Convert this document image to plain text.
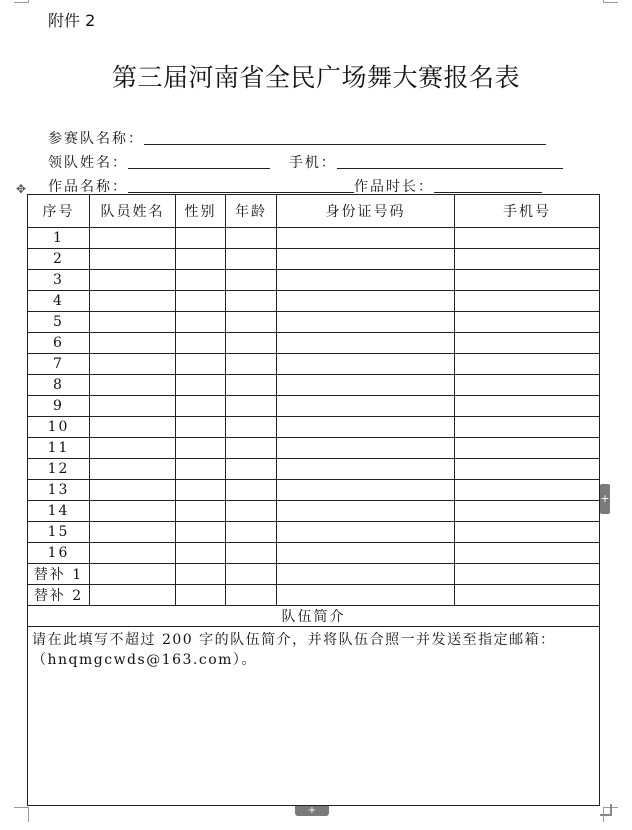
附件 2
第三届河南省全民广场舞大赛报名表
参赛队名称：
领队姓名：	手机：
作品名称：	作品时长：
✥
序号	队员姓名	性别	年龄	身份证号码	手机号
1					
2					
3					
4					
5					
6					
7					
8					
9					
10					
11					
12					
13					
14					
15					
16					
替补 1					
替补 2					
队伍简介					

请在此填写不超过 200 字的队伍简介，并将队伍合照一并发送至指定邮箱：
（hnqmgcwds@163.com）。					
+
+
